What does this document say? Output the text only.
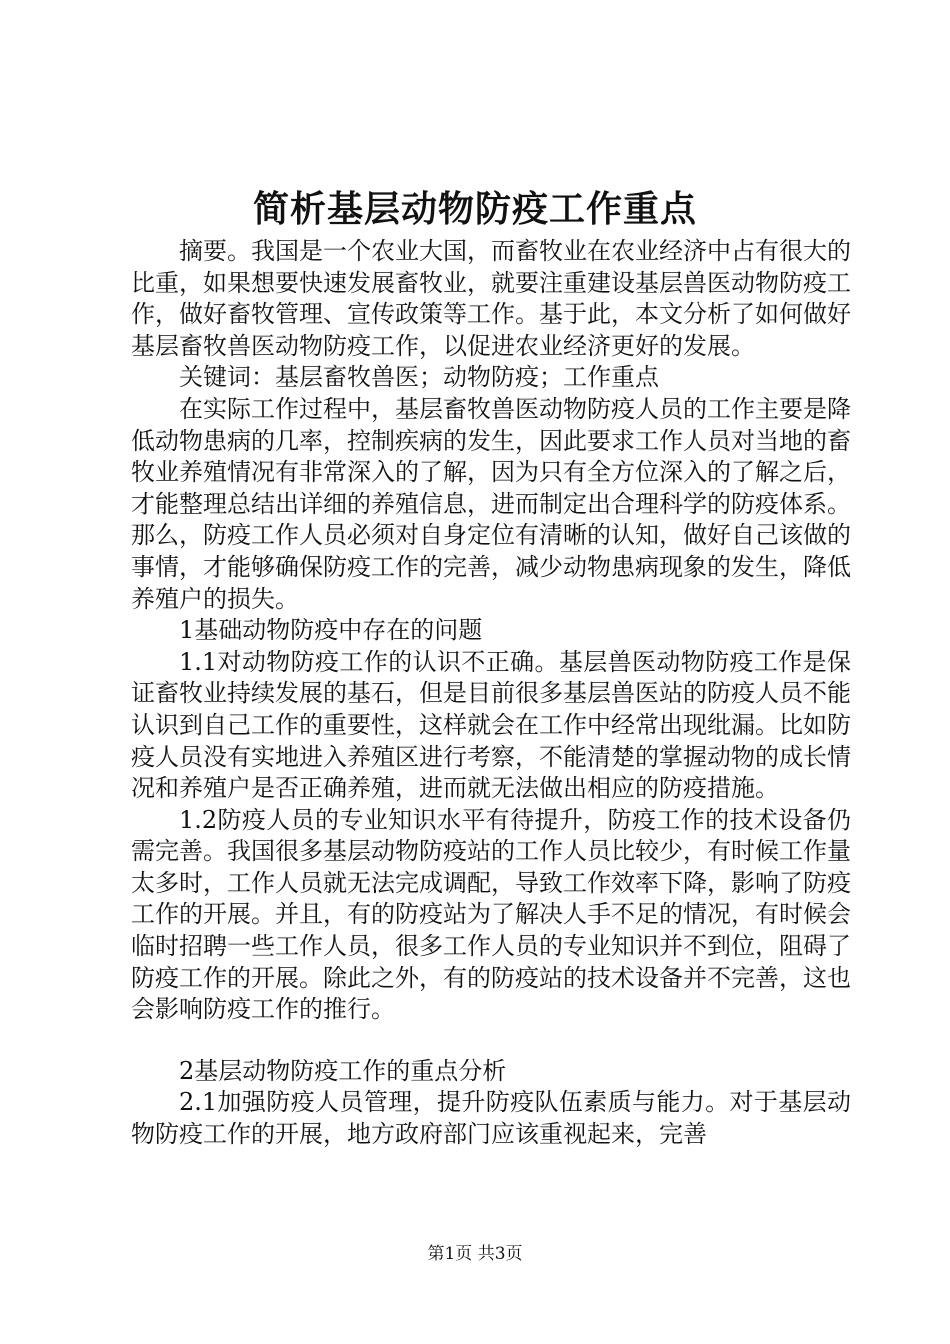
简析基层动物防疫工作重点

摘要。我国是一个农业大国，而畜牧业在农业经济中占有很大的比重，如果想要快速发展畜牧业，就要注重建设基层兽医动物防疫工作，做好畜牧管理、宣传政策等工作。基于此，本文分析了如何做好基层畜牧兽医动物防疫工作，以促进农业经济更好的发展。

关键词：基层畜牧兽医；动物防疫；工作重点

在实际工作过程中，基层畜牧兽医动物防疫人员的工作主要是降低动物患病的几率，控制疾病的发生，因此要求工作人员对当地的畜牧业养殖情况有非常深入的了解，因为只有全方位深入的了解之后，才能整理总结出详细的养殖信息，进而制定出合理科学的防疫体系。那么，防疫工作人员必须对自身定位有清晰的认知，做好自己该做的事情，才能够确保防疫工作的完善，减少动物患病现象的发生，降低养殖户的损失。

1基础动物防疫中存在的问题

1.1对动物防疫工作的认识不正确。基层兽医动物防疫工作是保证畜牧业持续发展的基石，但是目前很多基层兽医站的防疫人员不能认识到自己工作的重要性，这样就会在工作中经常出现纰漏。比如防疫人员没有实地进入养殖区进行考察，不能清楚的掌握动物的成长情况和养殖户是否正确养殖，进而就无法做出相应的防疫措施。

1.2防疫人员的专业知识水平有待提升，防疫工作的技术设备仍需完善。我国很多基层动物防疫站的工作人员比较少，有时候工作量太多时，工作人员就无法完成调配，导致工作效率下降，影响了防疫工作的开展。并且，有的防疫站为了解决人手不足的情况，有时候会临时招聘一些工作人员，很多工作人员的专业知识并不到位，阻碍了防疫工作的开展。除此之外，有的防疫站的技术设备并不完善，这也会影响防疫工作的推行。

2基层动物防疫工作的重点分析

2.1加强防疫人员管理，提升防疫队伍素质与能力。对于基层动物防疫工作的开展，地方政府部门应该重视起来，完善

第1页 共3页
